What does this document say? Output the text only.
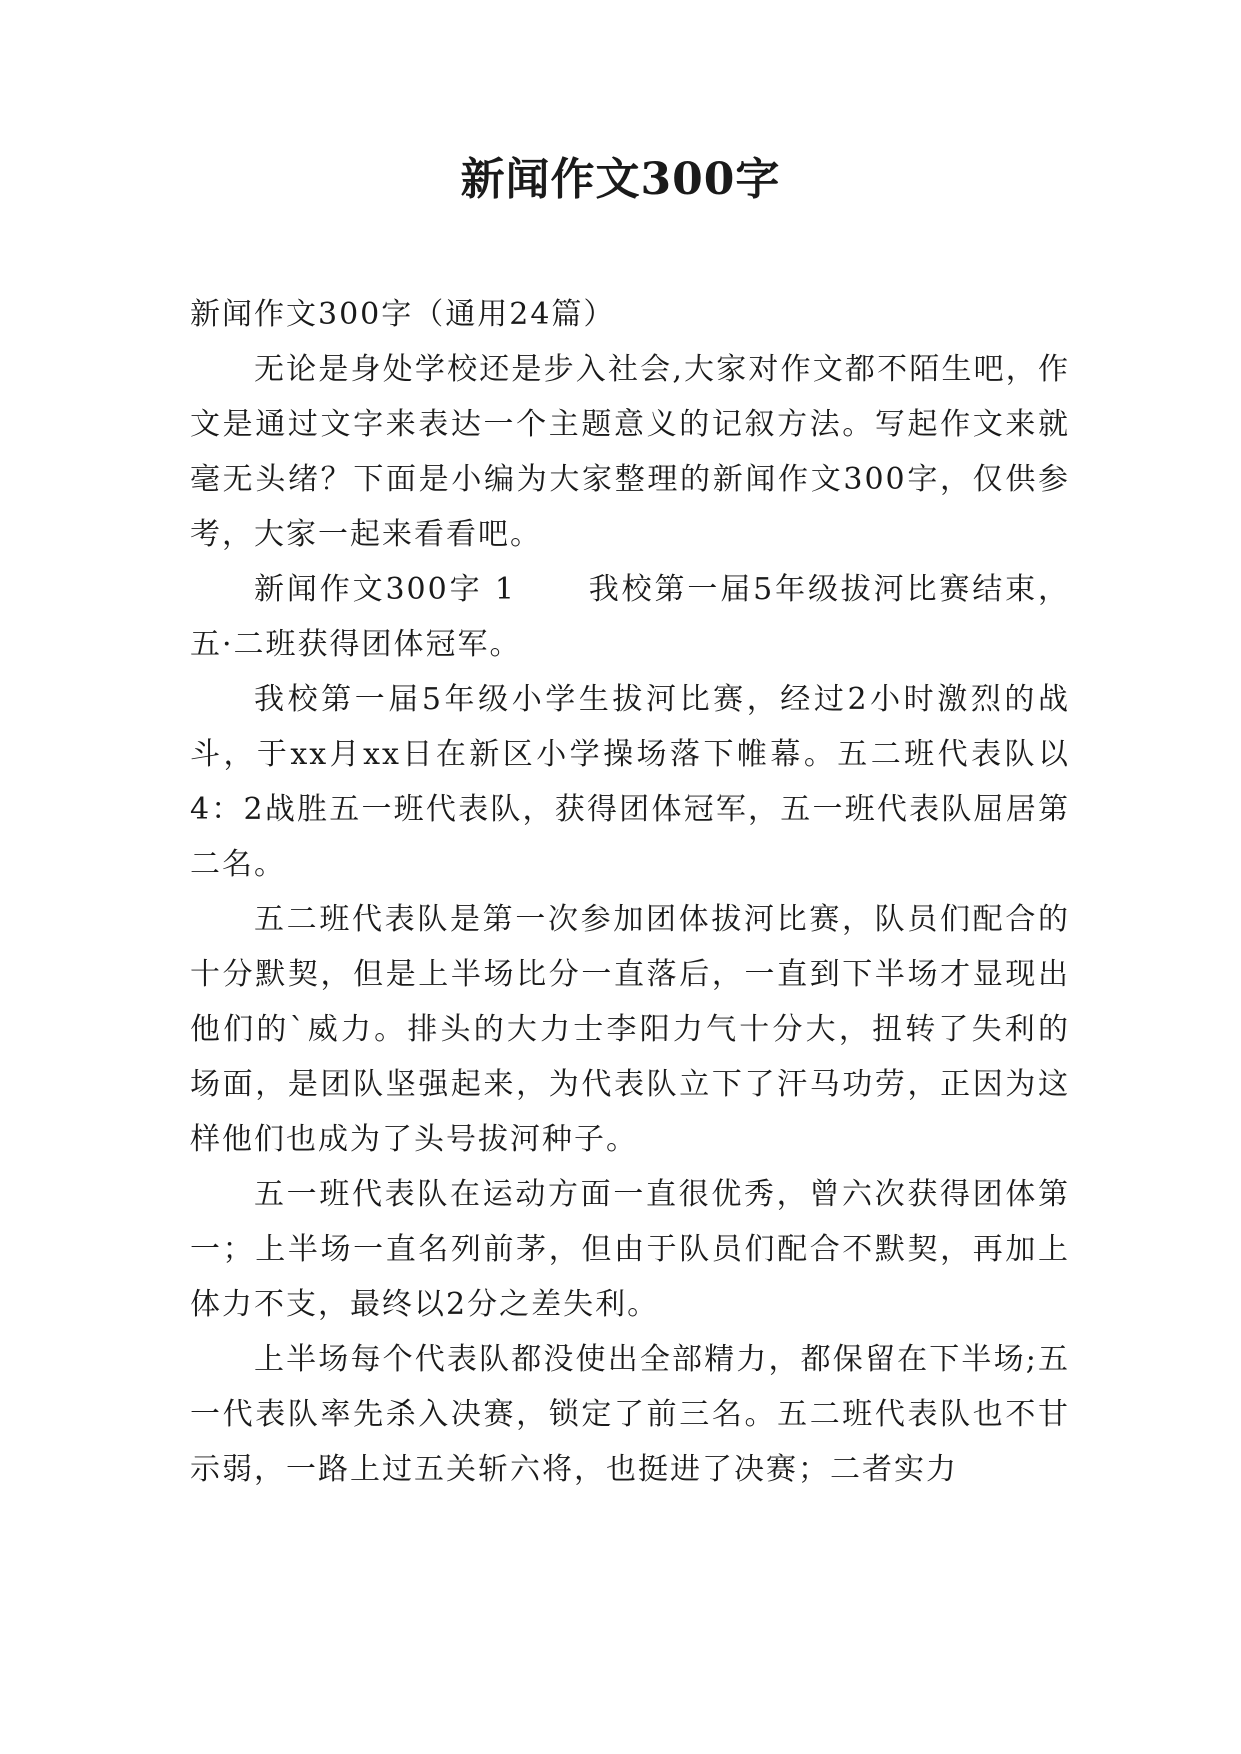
新闻作文300字

新闻作文300字（通用24篇）

无论是身处学校还是步入社会,大家对作文都不陌生吧，作文是通过文字来表达一个主题意义的记叙方法。写起作文来就毫无头绪？下面是小编为大家整理的新闻作文300字，仅供参考，大家一起来看看吧。

新闻作文300字 1 我校第一届5年级拔河比赛结束，五·二班获得团体冠军。

我校第一届5年级小学生拔河比赛，经过2小时激烈的战斗，于xx月xx日在新区小学操场落下帷幕。五二班代表队以4：2战胜五一班代表队，获得团体冠军，五一班代表队屈居第二名。

五二班代表队是第一次参加团体拔河比赛，队员们配合的十分默契，但是上半场比分一直落后，一直到下半场才显现出他们的`威力。排头的大力士李阳力气十分大，扭转了失利的场面，是团队坚强起来，为代表队立下了汗马功劳，正因为这样他们也成为了头号拔河种子。

五一班代表队在运动方面一直很优秀，曾六次获得团体第一；上半场一直名列前茅，但由于队员们配合不默契，再加上体力不支，最终以2分之差失利。

上半场每个代表队都没使出全部精力，都保留在下半场;五一代表队率先杀入决赛，锁定了前三名。五二班代表队也不甘示弱，一路上过五关斩六将，也挺进了决赛；二者实力
